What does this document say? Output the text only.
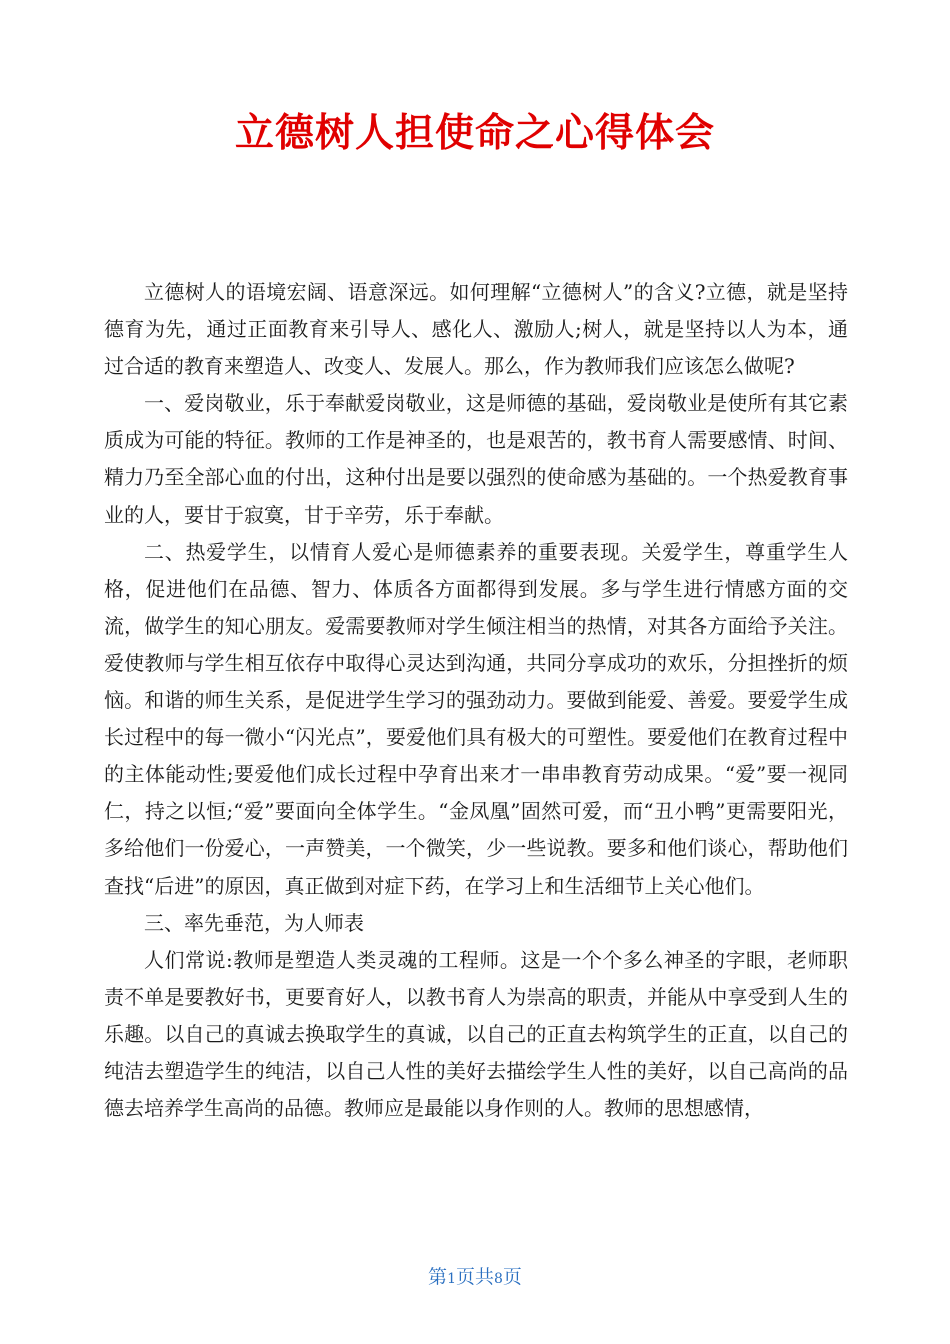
立德树人担使命之心得体会

立德树人的语境宏阔、语意深远。如何理解“立德树人”的含义?立德，就是坚持德育为先，通过正面教育来引导人、感化人、激励人;树人，就是坚持以人为本，通过合适的教育来塑造人、改变人、发展人。那么，作为教师我们应该怎么做呢?

一、爱岗敬业，乐于奉献爱岗敬业，这是师德的基础，爱岗敬业是使所有其它素质成为可能的特征。教师的工作是神圣的，也是艰苦的，教书育人需要感情、时间、精力乃至全部心血的付出，这种付出是要以强烈的使命感为基础的。一个热爱教育事业的人，要甘于寂寞，甘于辛劳，乐于奉献。

二、热爱学生，以情育人爱心是师德素养的重要表现。关爱学生，尊重学生人格，促进他们在品德、智力、体质各方面都得到发展。多与学生进行情感方面的交流，做学生的知心朋友。爱需要教师对学生倾注相当的热情，对其各方面给予关注。爱使教师与学生相互依存中取得心灵达到沟通，共同分享成功的欢乐，分担挫折的烦恼。和谐的师生关系，是促进学生学习的强劲动力。要做到能爱、善爱。要爱学生成长过程中的每一微小“闪光点”，要爱他们具有极大的可塑性。要爱他们在教育过程中的主体能动性;要爱他们成长过程中孕育出来才一串串教育劳动成果。“爱”要一视同仁，持之以恒;“爱”要面向全体学生。“金凤凰”固然可爱，而“丑小鸭”更需要阳光，多给他们一份爱心，一声赞美，一个微笑，少一些说教。要多和他们谈心，帮助他们查找“后进”的原因，真正做到对症下药，在学习上和生活细节上关心他们。

三、率先垂范，为人师表

人们常说:教师是塑造人类灵魂的工程师。这是一个个多么神圣的字眼，老师职责不单是要教好书，更要育好人，以教书育人为崇高的职责，并能从中享受到人生的乐趣。以自己的真诚去换取学生的真诚，以自己的正直去构筑学生的正直，以自己的纯洁去塑造学生的纯洁，以自己人性的美好去描绘学生人性的美好，以自己高尚的品德去培养学生高尚的品德。教师应是最能以身作则的人。教师的思想感情，

第1页共8页
